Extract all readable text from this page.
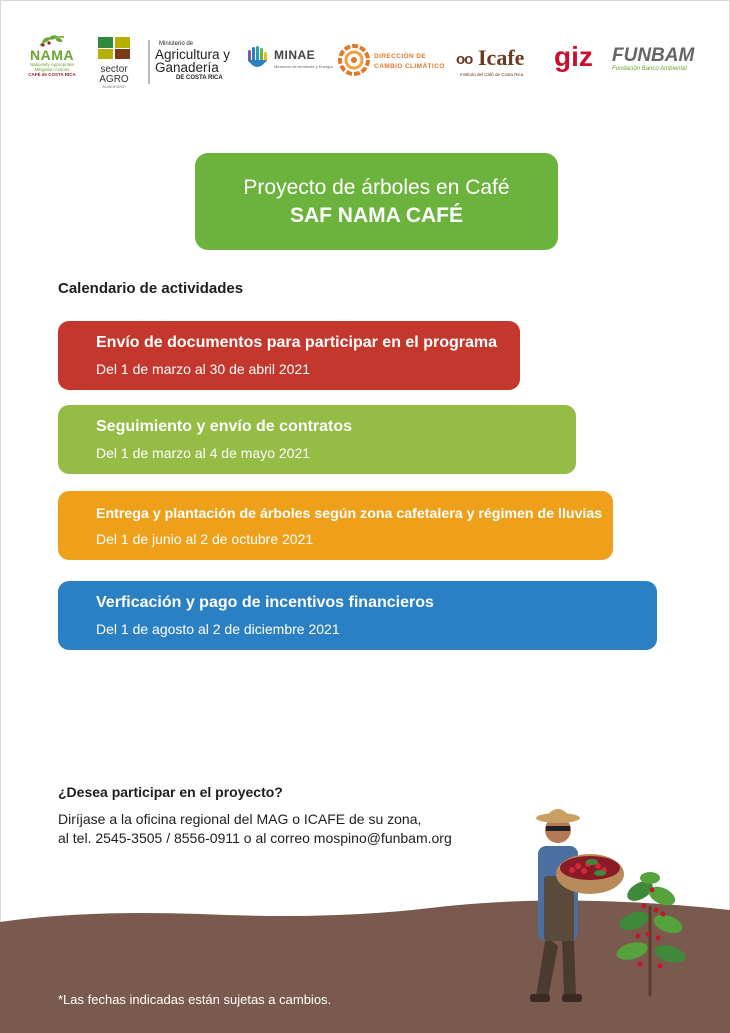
NAMA
Nationally Appropriate
Mitigation Actions
CAFÉ de COSTA RICA	sector
AGRO
ALIMENTARIO
Ministerio de
Agricultura y
Ganadería
DE COSTA RICA
MINAE
Ministerio de Ambiente y Energía
DIRECCIÓN DE
CAMBIO CLIMÁTICO oo Icafe
Instituto del Café de Costa Rica
giz FUNBAM
Fundación Banco Ambiental
Proyecto de árboles en Café
SAF NAMA CAFÉ
Calendario de actividades
Envío de documentos para participar en el programa
Del 1 de marzo al 30 de abril 2021
Seguimiento y envío de contratos
Del 1 de marzo al 4 de mayo 2021
Entrega y plantación de árboles según zona cafetalera y régimen de lluvias
Del 1 de junio al 2 de octubre 2021
Verficación y pago de incentivos financieros
Del 1 de agosto al 2 de diciembre 2021
¿Desea participar en el proyecto?
Diríjase a la oficina regional del MAG o ICAFE de su zona,
al tel. 2545-3505 / 8556-0911 o al correo mospino@funbam.org
*Las fechas indicadas están sujetas a cambios.
